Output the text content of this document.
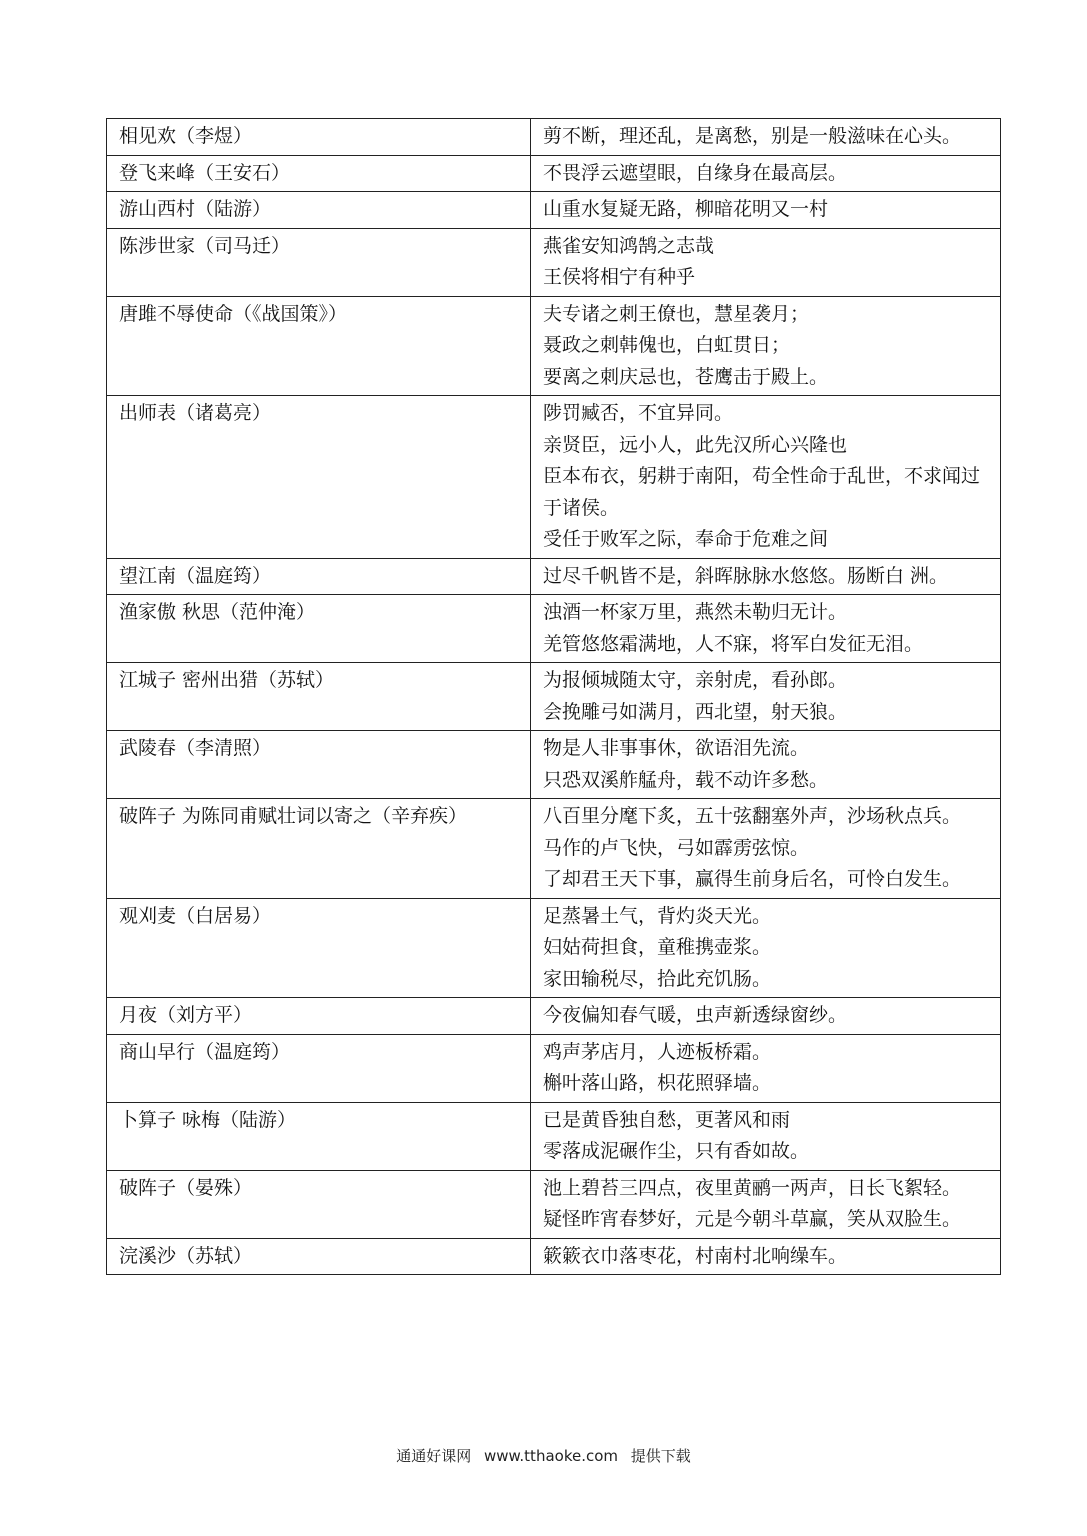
相见欢（李煜）	剪不断，理还乱，是离愁，别是一般滋味在心头。

登飞来峰（王安石）	不畏浮云遮望眼，自缘身在最高层。

游山西村（陆游）	山重水复疑无路，柳暗花明又一村

陈涉世家（司马迁）	燕雀安知鸿鹄之志哉
王侯将相宁有种乎

唐雎不辱使命（《战国策》）	夫专诸之刺王僚也，慧星袭月；
聂政之刺韩傀也，白虹贯日；
要离之刺庆忌也，苍鹰击于殿上。

出师表（诸葛亮）	陟罚臧否，不宜异同。
亲贤臣，远小人，此先汉所心兴隆也
臣本布衣，躬耕于南阳，苟全性命于乱世，不求闻过于诸侯。
受任于败军之际，奉命于危难之间

望江南（温庭筠）	过尽千帆皆不是，斜晖脉脉水悠悠。肠断白 洲。

渔家傲 秋思（范仲淹）	浊酒一杯家万里，燕然未勒归无计。
羌管悠悠霜满地，人不寐，将军白发征无泪。

江城子 密州出猎（苏轼）	为报倾城随太守，亲射虎，看孙郎。
会挽雕弓如满月，西北望，射天狼。

武陵春（李清照）	物是人非事事休，欲语泪先流。
只恐双溪舴艋舟，载不动许多愁。

破阵子 为陈同甫赋壮词以寄之（辛弃疾）	八百里分麾下炙，五十弦翻塞外声，沙场秋点兵。
马作的卢飞快，弓如霹雳弦惊。
了却君王天下事，赢得生前身后名，可怜白发生。

观刈麦（白居易）	足蒸暑土气，背灼炎天光。
妇姑荷担食，童稚携壶浆。
家田输税尽，拾此充饥肠。

月夜（刘方平）	今夜偏知春气暖，虫声新透绿窗纱。

商山早行（温庭筠）	鸡声茅店月，人迹板桥霜。
槲叶落山路，枳花照驿墙。

卜算子 咏梅（陆游）	已是黄昏独自愁，更著风和雨
零落成泥碾作尘，只有香如故。

破阵子（晏殊）	池上碧苔三四点，夜里黄鹂一两声，日长飞絮轻。
疑怪昨宵春梦好，元是今朝斗草赢，笑从双脸生。

浣溪沙（苏轼）	簌簌衣巾落枣花，村南村北响缲车。
通通好课网 www.tthaoke.com 提供下载
